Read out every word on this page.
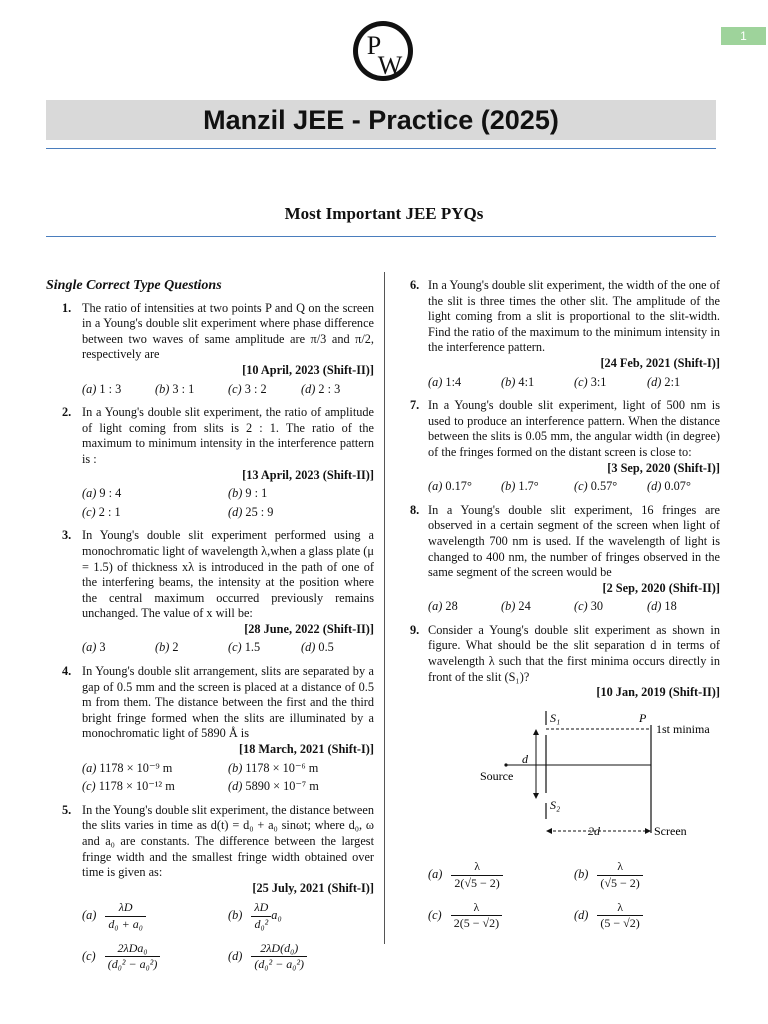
P
W
1
Manzil JEE - Practice (2025)
Most Important JEE PYQs
Single Correct Type Questions
1. The ratio of intensities at two points P and Q on the screen in a Young's double slit experiment where phase difference between two waves of same amplitude are π/3 and π/2, respectively are
[10 April, 2023 (Shift-II)]
(a) 1 : 3	(b) 3 : 1	(c) 3 : 2	(d) 2 : 3
2. In a Young's double slit experiment, the ratio of amplitude of light coming from slits is 2 : 1. The ratio of the maximum to minimum intensity in the interference pattern is :
[13 April, 2023 (Shift-II)]
(a) 9 : 4	(b) 9 : 1
(c) 2 : 1	(d) 25 : 9
3. In Young's double slit experiment performed using a monochromatic light of wavelength λ,when a glass plate (μ = 1.5) of thickness xλ is introduced in the path of one of the interfering beams, the intensity at the position where the central maximum occurred previously remains unchanged. The value of x will be:
[28 June, 2022 (Shift-II)]
(a) 3	(b) 2	(c) 1.5	(d) 0.5
4. In Young's double slit arrangement, slits are separated by a gap of 0.5 mm and the screen is placed at a distance of 0.5 m from them. The distance between the first and the third bright fringe formed when the slits are illuminated by a monochromatic light of 5890 Å is
[18 March, 2021 (Shift-I)]
(a) 1178 × 10⁻⁹ m	(b) 1178 × 10⁻⁶ m
(c) 1178 × 10⁻¹² m	(d) 5890 × 10⁻⁷ m
5. In the Young's double slit experiment, the distance between the slits varies in time as d(t) = d₀ + a₀ sinωt; where d₀, ω and a₀ are constants. The difference between the largest fringe width and the smallest fringe width obtained over time is given as:
[25 July, 2021 (Shift-I)]
$(a) \frac{\lambda D}{\text{d₀ + a₀}}$	$(b) \frac{\lambda D}{\text{d₀²}} a_0$
$(c) \frac{\text{2λDa₀}}{\text{(d₀² − a₀²)}}$	$(d) \frac{\text{2λD(d₀)}}{\text{(d₀² − a₀²)}}$
6. In a Young's double slit experiment, the width of the one of the slit is three times the other slit. The amplitude of the light coming from a slit is proportional to the slit-width. Find the ratio of the maximum to the minimum intensity in the interference pattern.
[24 Feb, 2021 (Shift-I)]
(a) 1:4	(b) 4:1	(c) 3:1	(d) 2:1
7. In a Young's double slit experiment, light of 500 nm is used to produce an interference pattern. When the distance between the slits is 0.05 mm, the angular width (in degree) of the fringes formed on the distant screen is close to:
[3 Sep, 2020 (Shift-I)]
(a) 0.17°	(b) 1.7°	(c) 0.57°	(d) 0.07°
8. In a Young's double slit experiment, 16 fringes are observed in a certain segment of the screen when light of wavelength 700 nm is used. If the wavelength of light is changed to 400 nm, the number of fringes observed in the same segment of the screen would be
[2 Sep, 2020 (Shift-II)]
(a) 28	(b) 24	(c) 30	(d) 18
9. Consider a Young's double slit experiment as shown in figure. What should be the slit separation d in terms of wavelength λ such that the first minima occurs directly in front of the slit (S₁)?
[10 Jan, 2019 (Shift-II)]
S₁
S₂
P
1st minima
Source
d
2d	Screen
$(a) \frac{\lambda}{2(√5 - 2)}$	$(b) \frac{\lambda}{(√5 - 2)}$
$(c) \frac{\lambda}{2(5 - √2)}$	$(d) \frac{\lambda}{(5 - √2)}$
